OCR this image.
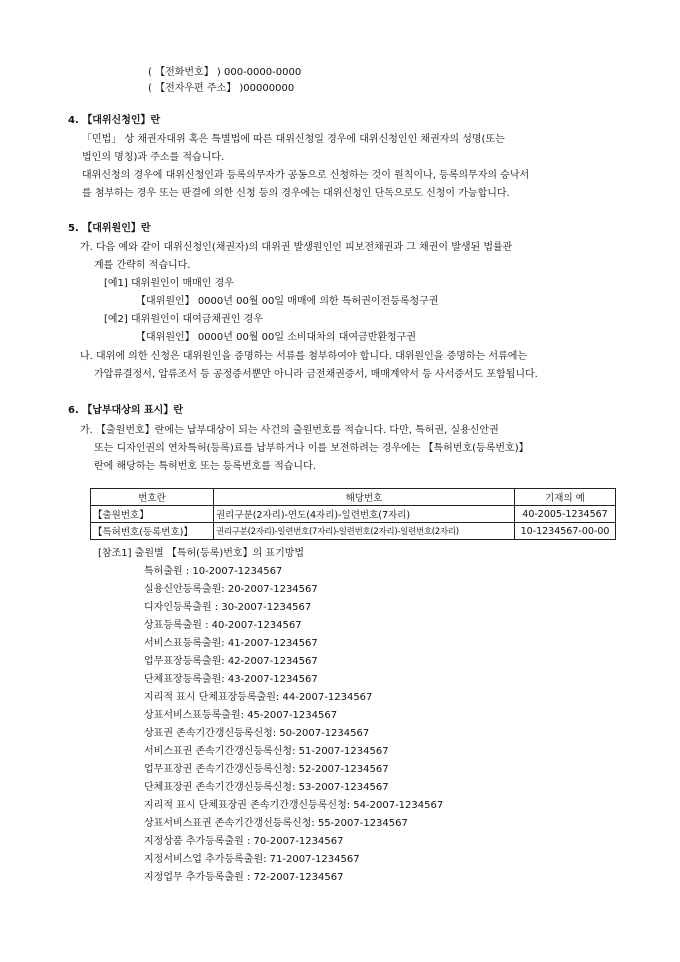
( 【전화번호】 ) 000-0000-0000
( 【전자우편 주소】 )00000000
4. 【대위신청인】란
「민법」 상 채권자대위 혹은 특별법에 따른 대위신청일 경우에 대위신청인인 채권자의 성명(또는
법인의 명칭)과 주소를 적습니다.
대위신청의 경우에 대위신청인과 등록의무자가 공동으로 신청하는 것이 원칙이나, 등록의무자의 승낙서
를 첨부하는 경우 또는 판결에 의한 신청 등의 경우에는 대위신청인 단독으로도 신청이 가능합니다.
5. 【대위원인】란
가. 다음 예와 같이 대위신청인(채권자)의 대위권 발생원인인 피보전채권과 그 채권이 발생된 법률관
계를 간략히 적습니다.
[예1] 대위원인이 매매인 경우
【대위원인】 0000년 00월 00일 매매에 의한 특허권이전등록청구권
[예2] 대위원인이 대여금채권인 경우
【대위원인】 0000년 00월 00일 소비대차의 대여금반환청구권
나. 대위에 의한 신청은 대위원인을 증명하는 서류를 첨부하여야 합니다. 대위원인을 증명하는 서류에는
가압류결정서, 압류조서 등 공정증서뿐만 아니라 금전채권증서, 매매계약서 등 사서증서도 포함됩니다.
6. 【납부대상의 표시】란
가. 【출원번호】란에는 납부대상이 되는 사건의 출원번호를 적습니다. 다만, 특허권, 실용신안권
또는 디자인권의 연차특허(등록)료를 납부하거나 이를 보전하려는 경우에는 【특허번호(등록번호)】
란에 해당하는 특허번호 또는 등록번호를 적습니다.
번호란	해당번호	기재의 예
【출원번호】	권리구분(2자리)-연도(4자리)-일련번호(7자리)	40-2005-1234567
【특허번호(등록번호)】	권리구분(2자리)-일련번호(7자리)-일련번호(2자리)-일련번호(2자리)	10-1234567-00-00
[참조1] 출원별 【특허(등록)번호】의 표기방법
특허출원 : 10-2007-1234567
실용신안등록출원: 20-2007-1234567
디자인등록출원 : 30-2007-1234567
상표등록출원 : 40-2007-1234567
서비스표등록출원: 41-2007-1234567
업무표장등록출원: 42-2007-1234567
단체표장등록출원: 43-2007-1234567
지리적 표시 단체표장등록출원: 44-2007-1234567
상표서비스표등록출원: 45-2007-1234567
상표권 존속기간갱신등록신청: 50-2007-1234567
서비스표권 존속기간갱신등록신청: 51-2007-1234567
업무표장권 존속기간갱신등록신청: 52-2007-1234567
단체표장권 존속기간갱신등록신청: 53-2007-1234567
지리적 표시 단체표장권 존속기간갱신등록신청: 54-2007-1234567
상표서비스표권 존속기간갱신등록신청: 55-2007-1234567
지정상품 추가등록출원 : 70-2007-1234567
지정서비스업 추가등록출원: 71-2007-1234567
지정업무 추가등록출원 : 72-2007-1234567
